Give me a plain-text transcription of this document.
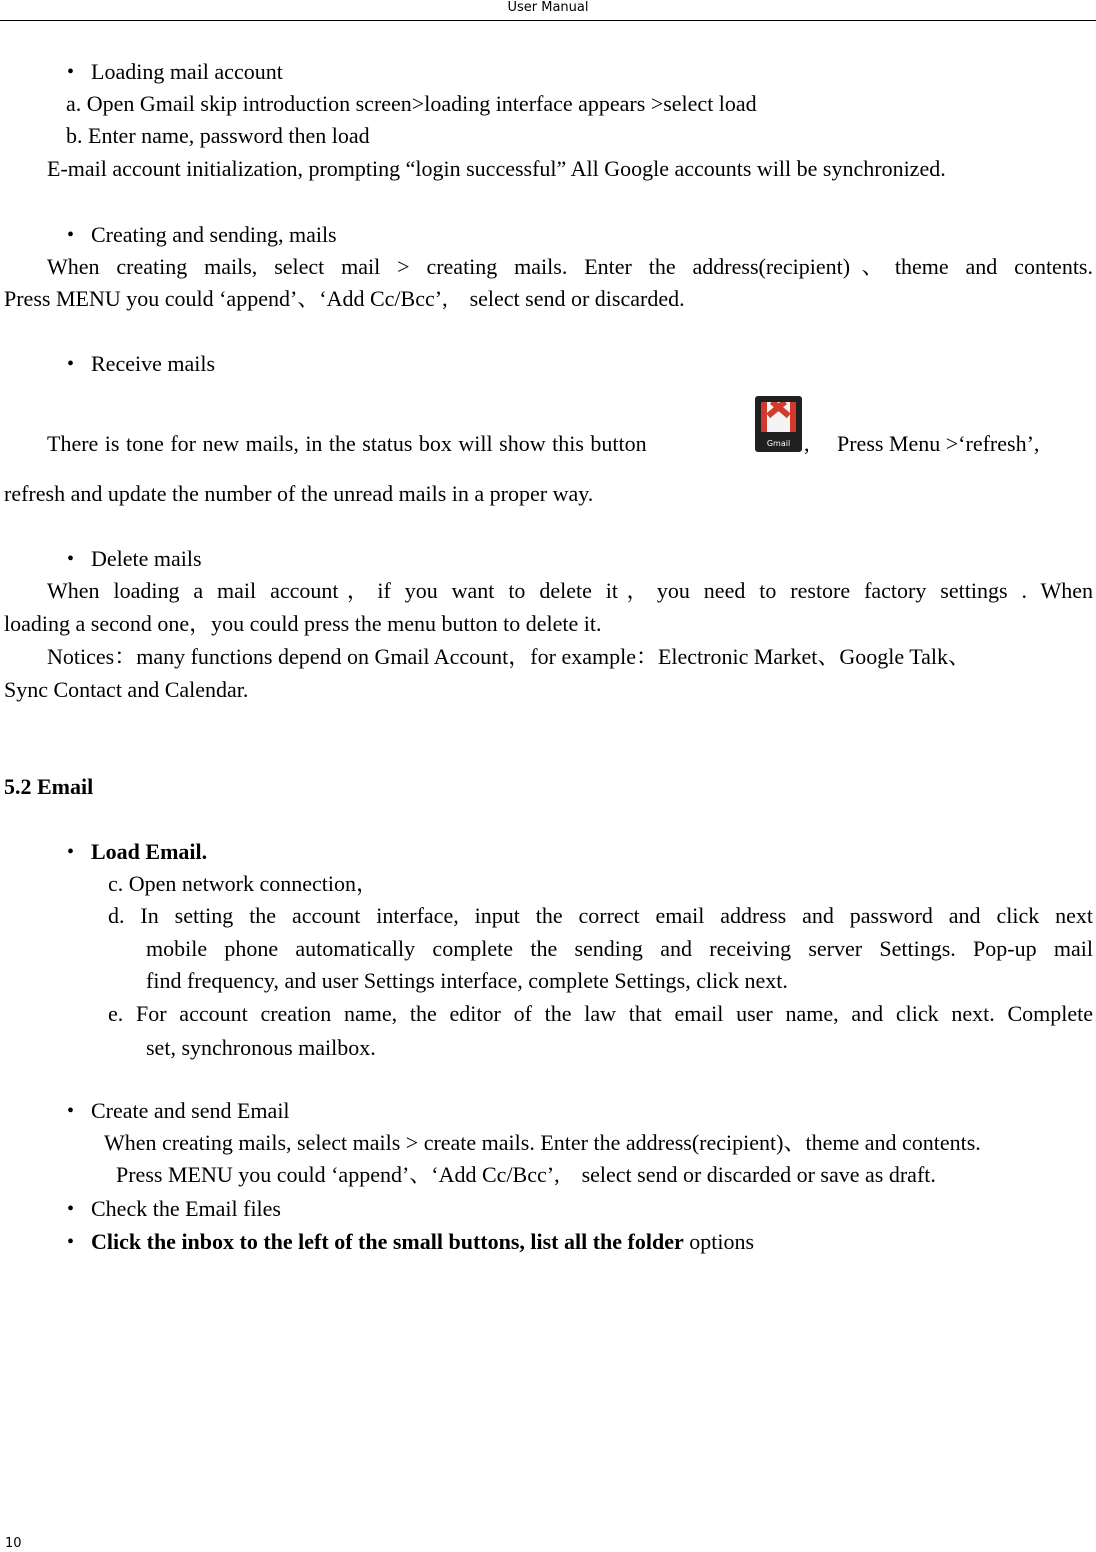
User Manual
• Loading mail account
a. Open Gmail skip introduction screen>loading interface appears >select load
b. Enter name, password then load
E-mail account initialization, prompting “login successful” All Google accounts will be synchronized.
• Creating and sending, mails
When creating mails, select mail > creating mails. Enter the address(recipient)、theme and contents.
Press MENU you could ‘append’、‘Add Cc/Bcc’,　select send or discarded.
• Receive mails
There is tone for new mails, in the status box will show this button	Gmail ,　 Press Menu >‘refresh’,
refresh and update the number of the unread mails in a proper way.
• Delete mails
When loading a mail account，if you want to delete it，you need to restore factory settings . When
loading a second one，you could press the menu button to delete it.
Notices：many functions depend on Gmail Account，for example：Electronic Market、Google Talk、
Sync Contact and Calendar.
5.2 Email
• Load Email.
c. Open network connection，
d. In setting the account interface, input the correct email address and password and click next
mobile phone automatically complete the sending and receiving server Settings. Pop-up mail
find frequency, and user Settings interface, complete Settings, click next.
e. For account creation name, the editor of the law that email user name, and click next. Complete
set, synchronous mailbox.
• Create and send Email
When creating mails, select mails > create mails. Enter the address(recipient)、theme and contents.
Press MENU you could ‘append’、‘Add Cc/Bcc’,　select send or discarded or save as draft.
• Check the Email files
• Click the inbox to the left of the small buttons, list all the folder options
10
